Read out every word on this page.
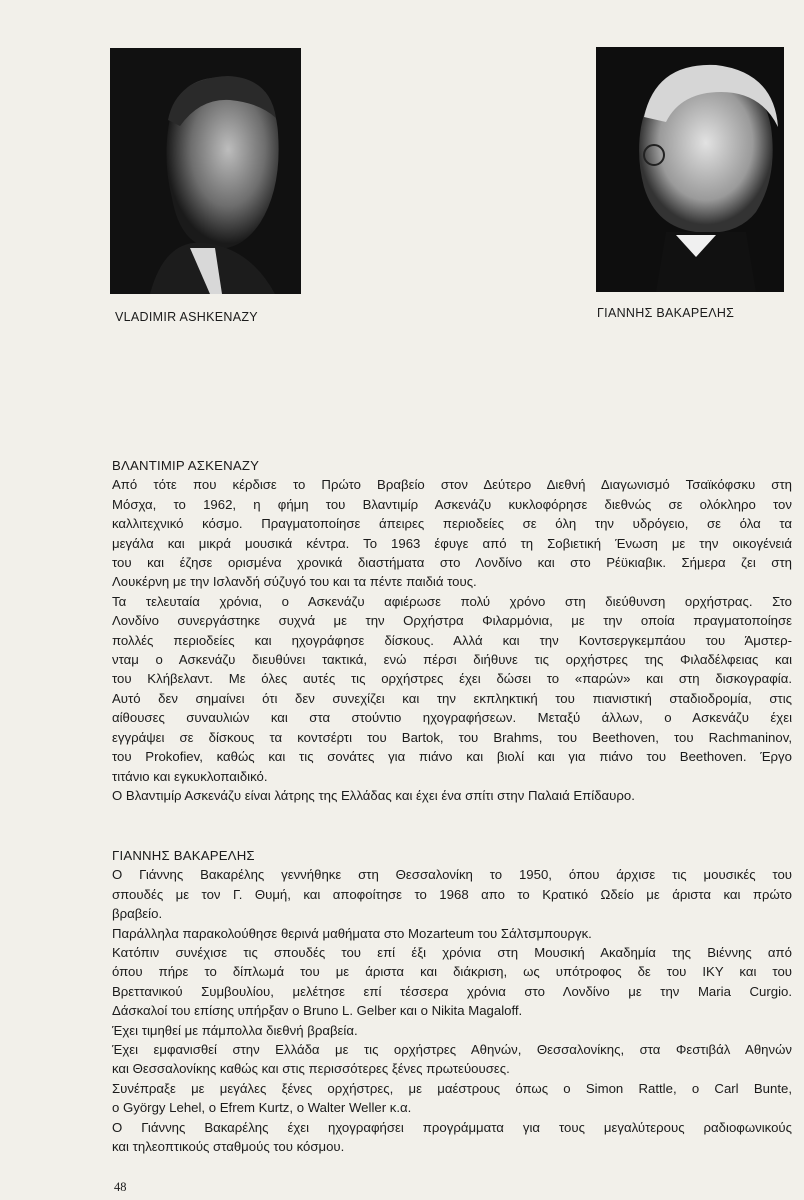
VLADIMIR ASHKENAZY	ΓΙΑΝΝΗΣ ΒΑΚΑΡΕΛΗΣ
ΒΛΑΝΤΙΜΙΡ ΑΣΚΕΝΑΖΥ
Από τότε που κέρδισε το Πρώτο Βραβείο στον Δεύτερο Διεθνή Διαγωνισμό Τσαϊκόφσκυ στη
Μόσχα, το 1962, η φήμη του Βλαντιμίρ Ασκενάζυ κυκλοφόρησε διεθνώς σε ολόκληρο τον
καλλιτεχνικό κόσμο. Πραγματοποίησε άπειρες περιοδείες σε όλη την υδρόγειο, σε όλα τα
μεγάλα και μικρά μουσικά κέντρα. Το 1963 έφυγε από τη Σοβιετική Ένωση με την οικογένειά
του και έζησε ορισμένα χρονικά διαστήματα στο Λονδίνο και στο Ρέϋκιαβικ. Σήμερα ζει στη
Λουκέρνη με την Ισλανδή σύζυγό του και τα πέντε παιδιά τους.
Τα τελευταία χρόνια, ο Ασκενάζυ αφιέρωσε πολύ χρόνο στη διεύθυνση ορχήστρας. Στο
Λονδίνο συνεργάστηκε συχνά με την Ορχήστρα Φιλαρμόνια, με την οποία πραγματοποίησε
πολλές περιοδείες και ηχογράφησε δίσκους. Αλλά και την Κοντσεργκεμπάου του Άμστερ-
νταμ ο Ασκενάζυ διευθύνει τακτικά, ενώ πέρσι διήθυνε τις ορχήστρες της Φιλαδέλφειας και
του Κλήβελαντ. Με όλες αυτές τις ορχήστρες έχει δώσει το «παρών» και στη δισκογραφία.
Αυτό δεν σημαίνει ότι δεν συνεχίζει και την εκπληκτική του πιανιστική σταδιοδρομία, στις
αίθουσες συναυλιών και στα στούντιο ηχογραφήσεων. Μεταξύ άλλων, ο Ασκενάζυ έχει
εγγράψει σε δίσκους τα κοντσέρτι του Bartok, του Brahms, του Beethoven, του Rachmaninov,
του Prokofiev, καθώς και τις σονάτες για πιάνο και βιολί και για πιάνο του Beethoven. Έργο
τιτάνιο και εγκυκλοπαιδικό.
Ο Βλαντιμίρ Ασκενάζυ είναι λάτρης της Ελλάδας και έχει ένα σπίτι στην Παλαιά Επίδαυρο.
ΓΙΑΝΝΗΣ ΒΑΚΑΡΕΛΗΣ
Ο Γιάννης Βακαρέλης γεννήθηκε στη Θεσσαλονίκη το 1950, όπου άρχισε τις μουσικές του
σπουδές με τον Γ. Θυμή, και αποφοίτησε το 1968 απο το Κρατικό Ωδείο με άριστα και πρώτο
βραβείο.
Παράλληλα παρακολούθησε θερινά μαθήματα στο Mozarteum του Σάλτσμπουργκ.
Κατόπιν συνέχισε τις σπουδές του επί έξι χρόνια στη Μουσική Ακαδημία της Βιέννης από
όπου πήρε το δίπλωμά του με άριστα και διάκριση, ως υπότροφος δε του ΙΚΥ και του
Βρεττανικού Συμβουλίου, μελέτησε επί τέσσερα χρόνια στο Λονδίνο με την Maria Curgio.
Δάσκαλοί του επίσης υπήρξαν ο Bruno L. Gelber και ο Nikita Magaloff.
Έχει τιμηθεί με πάμπολλα διεθνή βραβεία.
Έχει εμφανισθεί στην Ελλάδα με τις ορχήστρες Αθηνών, Θεσσαλονίκης, στα Φεστιβάλ Αθηνών
και Θεσσαλονίκης καθώς και στις περισσότερες ξένες πρωτεύουσες.
Συνέπραξε με μεγάλες ξένες ορχήστρες, με μαέστρους όπως ο Simon Rattle, ο Carl Bunte,
ο György Lehel, ο Efrem Kurtz, ο Walter Weller κ.α.
Ο Γιάννης Βακαρέλης έχει ηχογραφήσει προγράμματα για τους μεγαλύτερους ραδιοφωνικούς
και τηλεοπτικούς σταθμούς του κόσμου.
48
